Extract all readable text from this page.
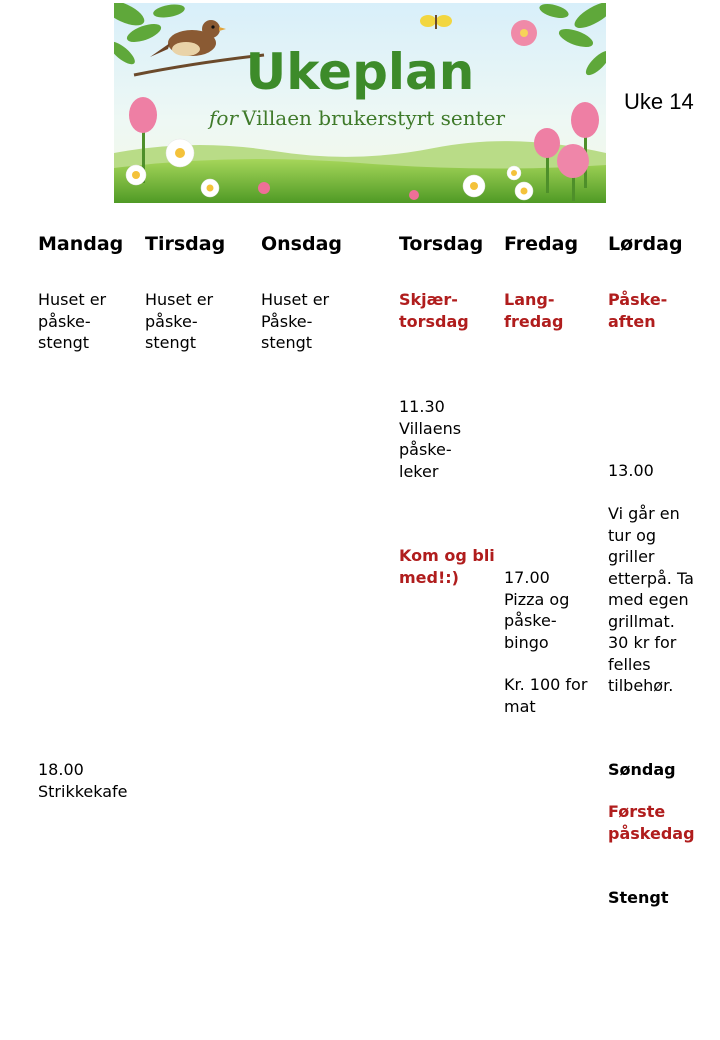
Ukeplan
for Villaen brukerstyrt senter
Uke 14
Mandag Tirsdag Onsdag	Torsdag Fredag Lørdag
Huset er
påske-
stengt
18.00
Strikkekafe
Huset er
påske-
stengt
Huset er
Påske-
stengt
Skjær-
torsdag
11.30
Villaens
påske-
leker
Kom og bli
med!:)
Lang-
fredag
17.00
Pizza og
påske-
bingo
Kr. 100 for
mat
Påske-
aften
13.00
Vi går en
tur og
griller
etterpå. Ta
med egen
grillmat.
30 kr for
felles
tilbehør.
Søndag
Første
påskedag
Stengt
